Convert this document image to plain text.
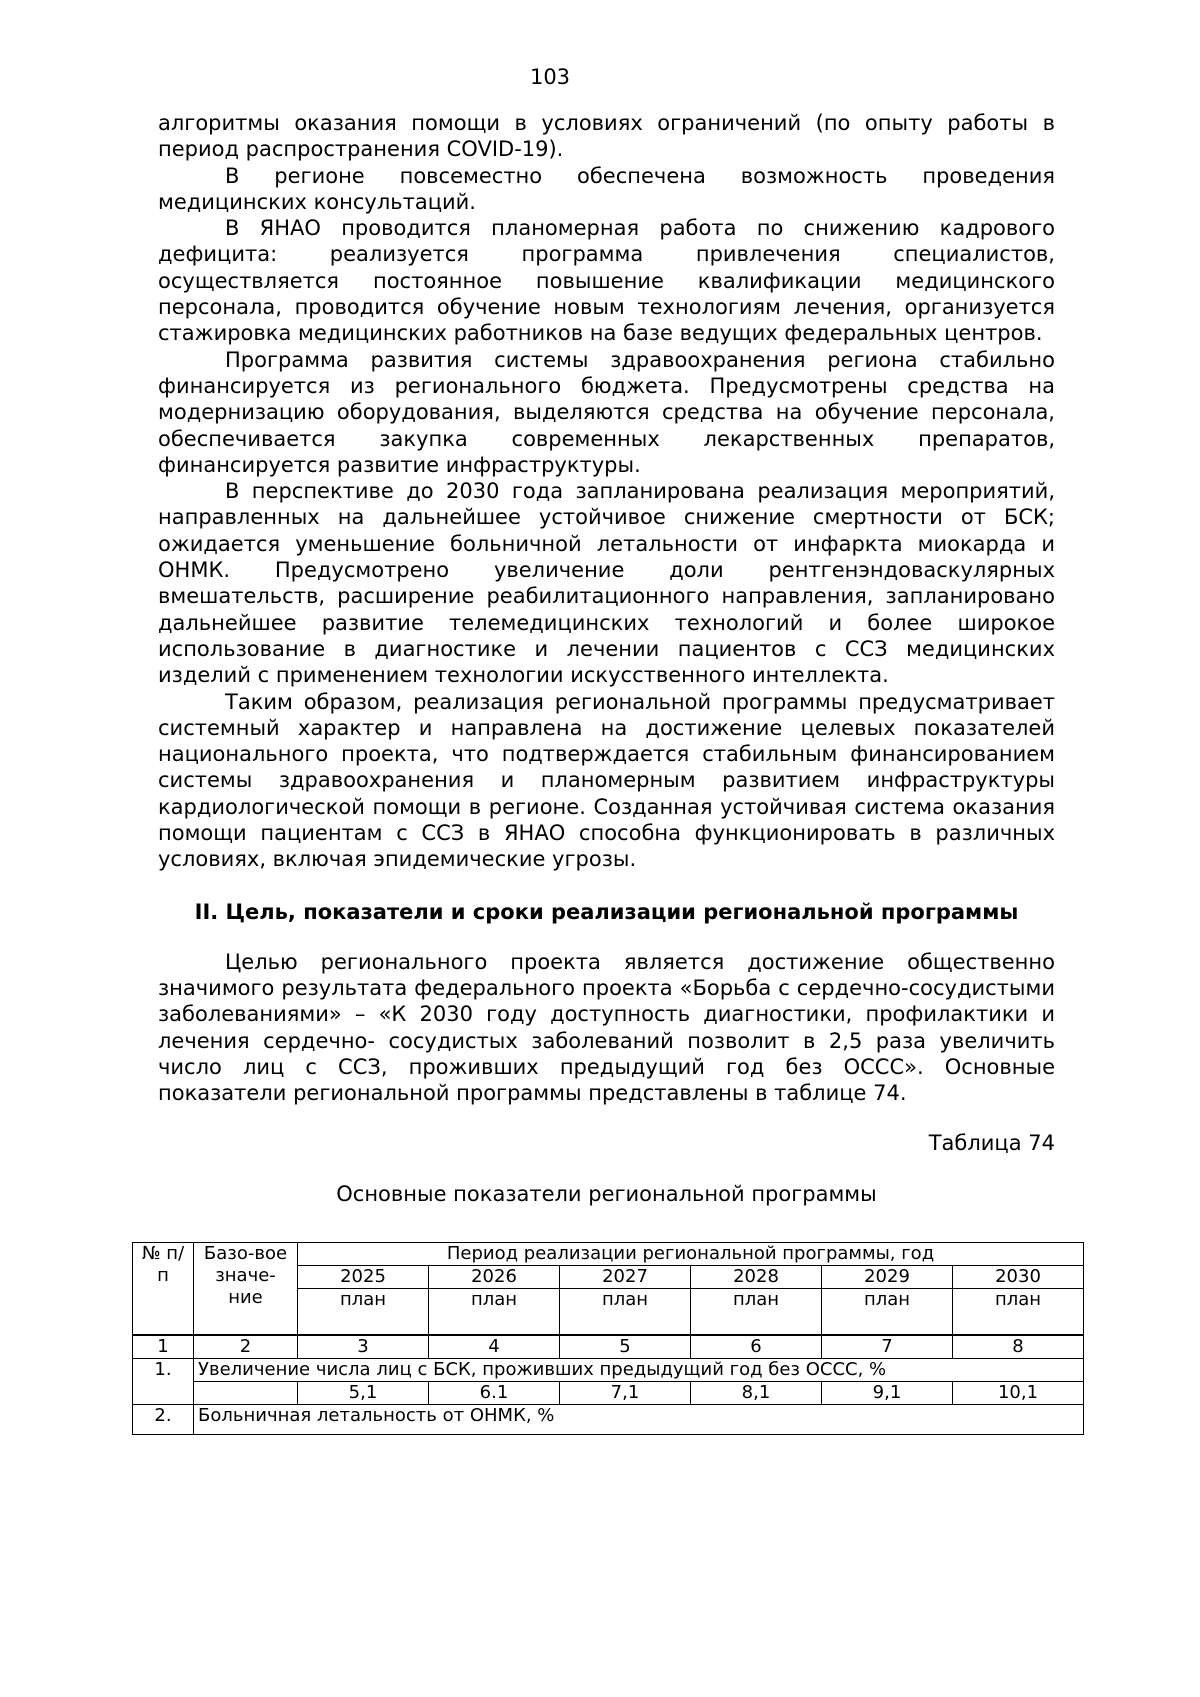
103

алгоритмы оказания помощи в условиях ограничений (по опыту работы в период распространения COVID-19).

В регионе повсеместно обеспечена возможность проведения медицинских консультаций.

В ЯНАО проводится планомерная работа по снижению кадрового дефицита: реализуется программа привлечения специалистов, осуществляется постоянное повышение квалификации медицинского персонала, проводится обучение новым технологиям лечения, организуется стажировка медицинских работников на базе ведущих федеральных центров.

Программа развития системы здравоохранения региона стабильно финансируется из регионального бюджета. Предусмотрены средства на модернизацию оборудования, выделяются средства на обучение персонала, обеспечивается закупка современных лекарственных препаратов, финансируется развитие инфраструктуры.

В перспективе до 2030 года запланирована реализация мероприятий, направленных на дальнейшее устойчивое снижение смертности от БСК; ожидается уменьшение больничной летальности от инфаркта миокарда и ОНМК. Предусмотрено увеличение доли рентгенэндоваскулярных вмешательств, расширение реабилитационного направления, запланировано дальнейшее развитие телемедицинских технологий и более широкое использование в диагностике и лечении пациентов с ССЗ медицинских изделий с применением технологии искусственного интеллекта.

Таким образом, реализация региональной программы предусматривает системный характер и направлена на достижение целевых показателей национального проекта, что подтверждается стабильным финансированием системы здравоохранения и планомерным развитием инфраструктуры кардиологической помощи в регионе. Созданная устойчивая система оказания помощи пациентам с ССЗ в ЯНАО способна функционировать в различных условиях, включая эпидемические угрозы.

II. Цель, показатели и сроки реализации региональной программы

Целью регионального проекта является достижение общественно значимого результата федерального проекта «Борьба с сердечно-сосудистыми заболеваниями» – «К 2030 году доступность диагностики, профилактики и лечения сердечно- сосудистых заболеваний позволит в 2,5 раза увеличить число лиц с ССЗ, проживших предыдущий год без ОССС». Основные показатели региональной программы представлены в таблице 74.

Таблица 74

Основные показатели региональной программы

№ п/п	Базо-вое значе-ние	Период реализации региональной программы, год					
		2025	2026	2027	2028	2029	2030
		план	план	план	план	план	план
1	2	3	4	5	6	7	8
1.	Увеличение числа лиц с БСК, проживших предыдущий год без ОССС, %						
		5,1	6.1	7,1	8,1	9,1	10,1
2.	Больничная летальность от ОНМК, %						
